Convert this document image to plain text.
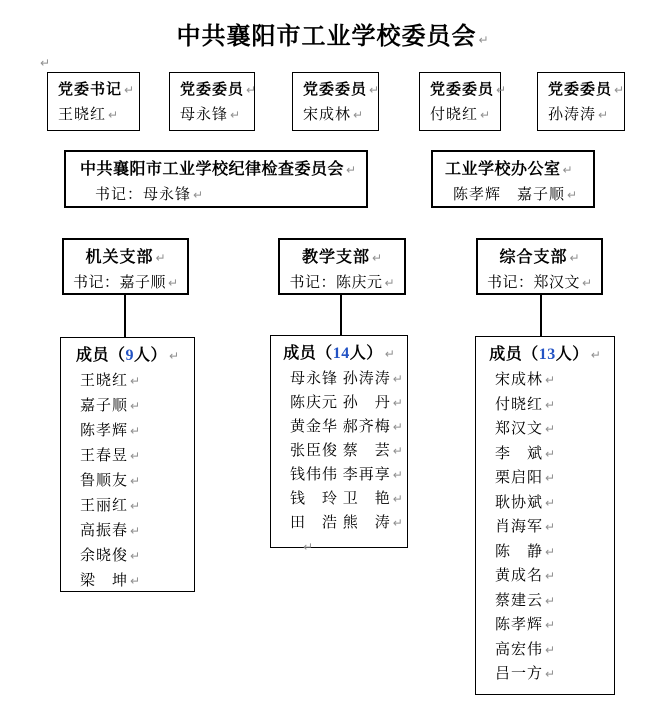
↵
中共襄阳市工业学校委员会 ↵
党委书记 ↵
王晓红 ↵
党委委员 ↵
母永锋 ↵
党委委员 ↵
宋成林 ↵
党委委员 ↵
付晓红 ↵
党委委员 ↵
孙涛涛 ↵
中共襄阳市工业学校纪律检查委员会 ↵
书记：母永锋 ↵
工业学校办公室 ↵
陈孝辉　嘉子顺 ↵
机关支部 ↵
书记：嘉子顺 ↵
教学支部 ↵
书记：陈庆元 ↵
综合支部 ↵
书记：郑汉文 ↵
成员（9人） ↵
王晓红 ↵
嘉子顺 ↵
陈孝辉 ↵
王春昱 ↵
鲁顺友 ↵
王丽红 ↵
高振春 ↵
余晓俊 ↵
梁　坤 ↵
成员（14人） ↵
母永锋 孙涛涛 ↵
陈庆元 孙　丹 ↵
黄金华 郝齐梅 ↵
张臣俊 蔡　芸 ↵
钱伟伟 李再享 ↵
钱　玲 卫　艳 ↵
田　浩 熊　涛 ↵
↵
成员（13人） ↵
宋成林 ↵
付晓红 ↵
郑汉文 ↵
李　斌 ↵
栗启阳 ↵
耿协斌 ↵
肖海军 ↵
陈　静 ↵
黄成名 ↵
蔡建云 ↵
陈孝辉 ↵
高宏伟 ↵
吕一方 ↵
